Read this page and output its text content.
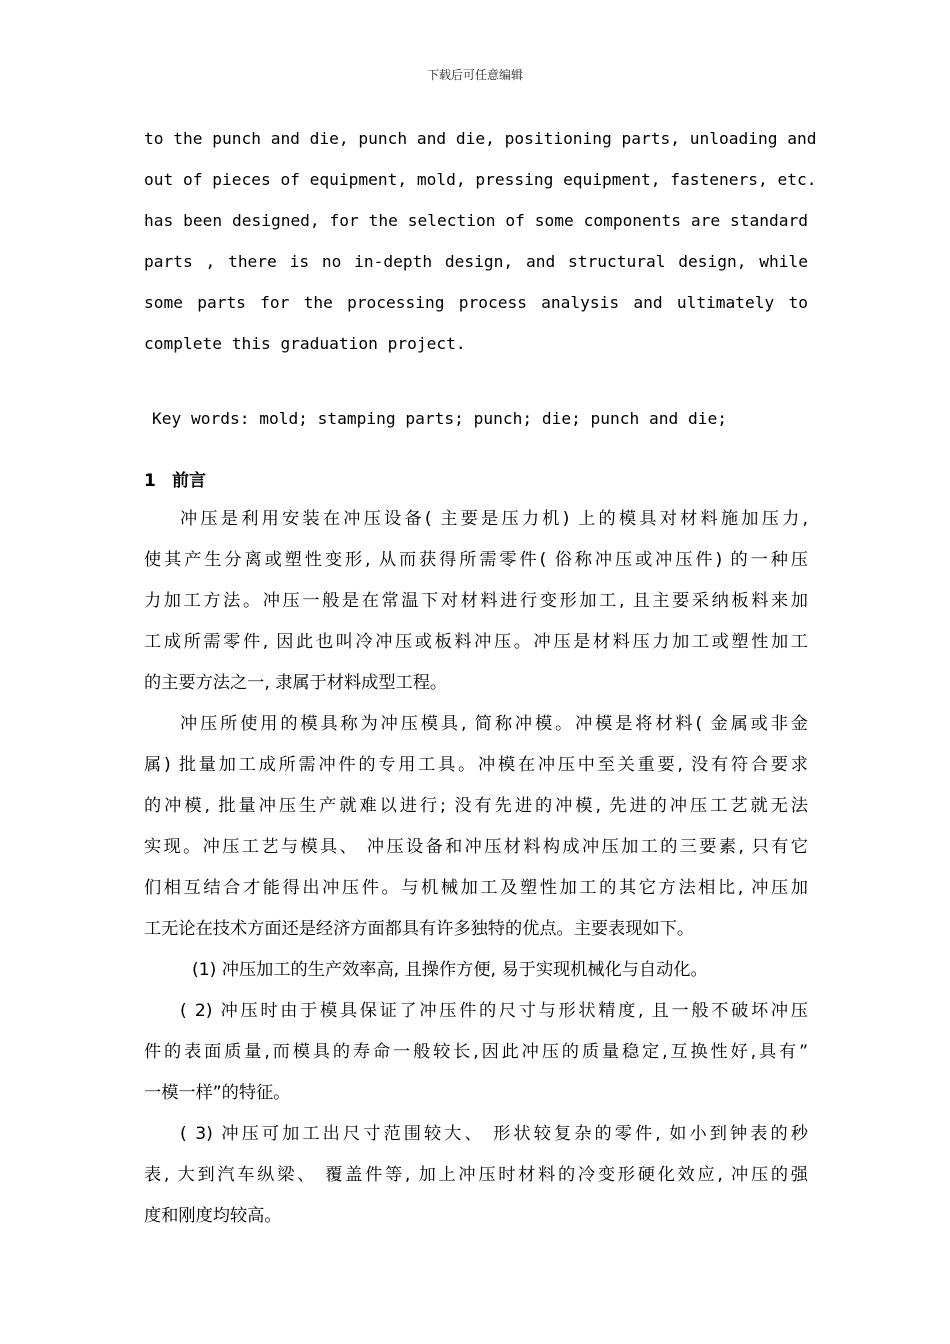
下载后可任意编辑
to the punch and die, punch and die, positioning parts, unloading and
out of pieces of equipment, mold, pressing equipment, fasteners, etc.
has been designed, for the selection of some components are standard
parts , there is no in-depth design, and structural design, while
some parts for the processing process analysis and ultimately to
complete this graduation project.
Key words: mold; stamping parts; punch; die; punch and die;
1 前言
冲压是利用安装在冲压设备( 主要是压力机) 上的模具对材料施加压力,
使其产生分离或塑性变形, 从而获得所需零件( 俗称冲压或冲压件) 的一种压
力加工方法。冲压一般是在常温下对材料进行变形加工, 且主要采纳板料来加
工成所需零件, 因此也叫冷冲压或板料冲压。冲压是材料压力加工或塑性加工
的主要方法之一, 隶属于材料成型工程。
冲压所使用的模具称为冲压模具, 简称冲模。冲模是将材料( 金属或非金
属) 批量加工成所需冲件的专用工具。冲模在冲压中至关重要, 没有符合要求
的冲模, 批量冲压生产就难以进行; 没有先进的冲模, 先进的冲压工艺就无法
实现。冲压工艺与模具、 冲压设备和冲压材料构成冲压加工的三要素, 只有它
们相互结合才能得出冲压件。与机械加工及塑性加工的其它方法相比, 冲压加
工无论在技术方面还是经济方面都具有许多独特的优点。主要表现如下。
(1) 冲压加工的生产效率高, 且操作方便, 易于实现机械化与自动化。
( 2) 冲压时由于模具保证了冲压件的尺寸与形状精度, 且一般不破坏冲压
件的表面质量,而模具的寿命一般较长,因此冲压的质量稳定,互换性好,具有”
一模一样”的特征。
( 3) 冲压可加工出尺寸范围较大、 形状较复杂的零件, 如小到钟表的秒
表, 大到汽车纵梁、 覆盖件等, 加上冲压时材料的冷变形硬化效应, 冲压的强
度和刚度均较高。
